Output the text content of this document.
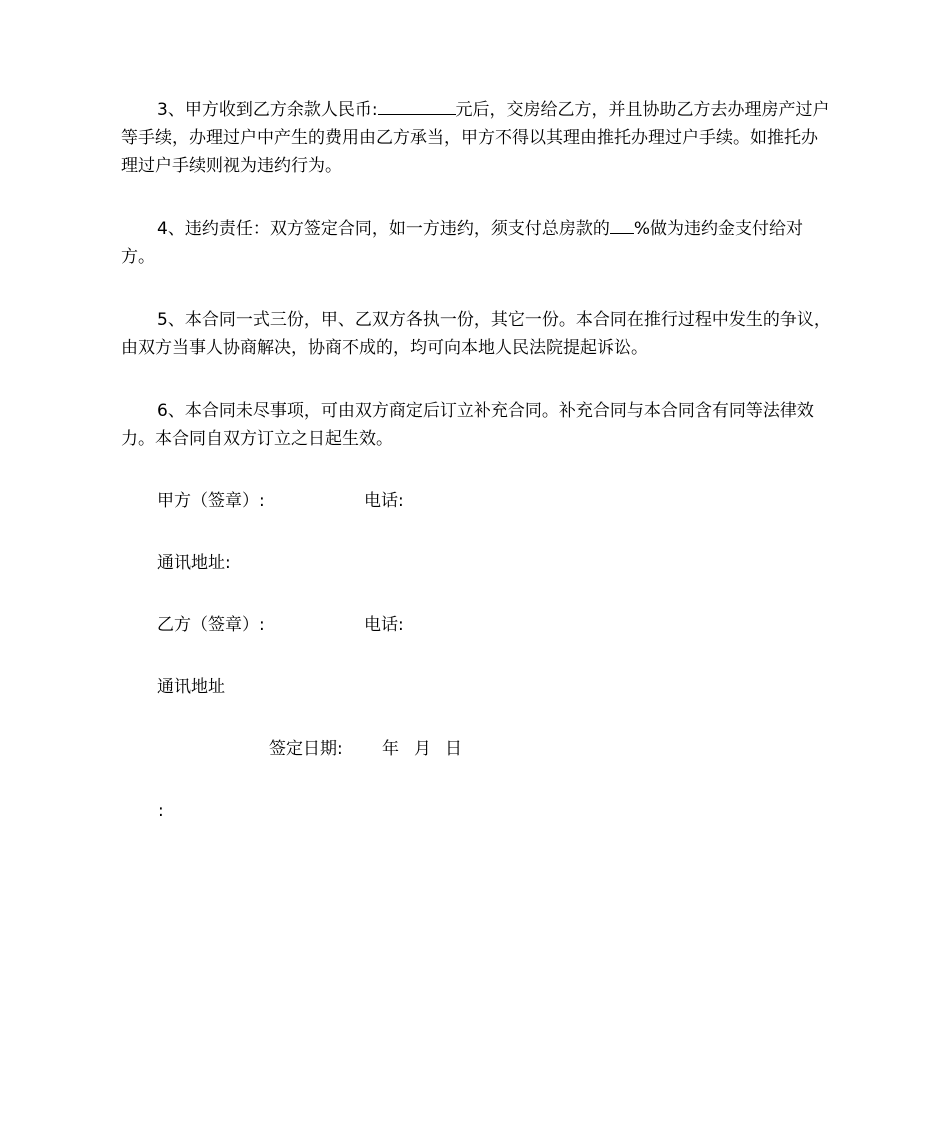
3、甲方收到乙方余款人民币:	元后，交房给乙方，并且协助乙方去办理房产过户等手续，办理过户中产生的费用由乙方承当，甲方不得以其理由推托办理过户手续。如推托办理过户手续则视为违约行为。

4、违约责任：双方签定合同，如一方违约，须支付总房款的 %做为违约金支付给对方。

5、本合同一式三份，甲、乙双方各执一份，其它一份。本合同在推行过程中发生的争议，由双方当事人协商解决，协商不成的，均可向本地人民法院提起诉讼。

6、本合同未尽事项，可由双方商定后订立补充合同。补充合同与本合同含有同等法律效力。本合同自双方订立之日起生效。

甲方（签章）:	电话:
通讯地址:
乙方（签章）:	电话:
通讯地址
签定日期: 年 月 日
:
